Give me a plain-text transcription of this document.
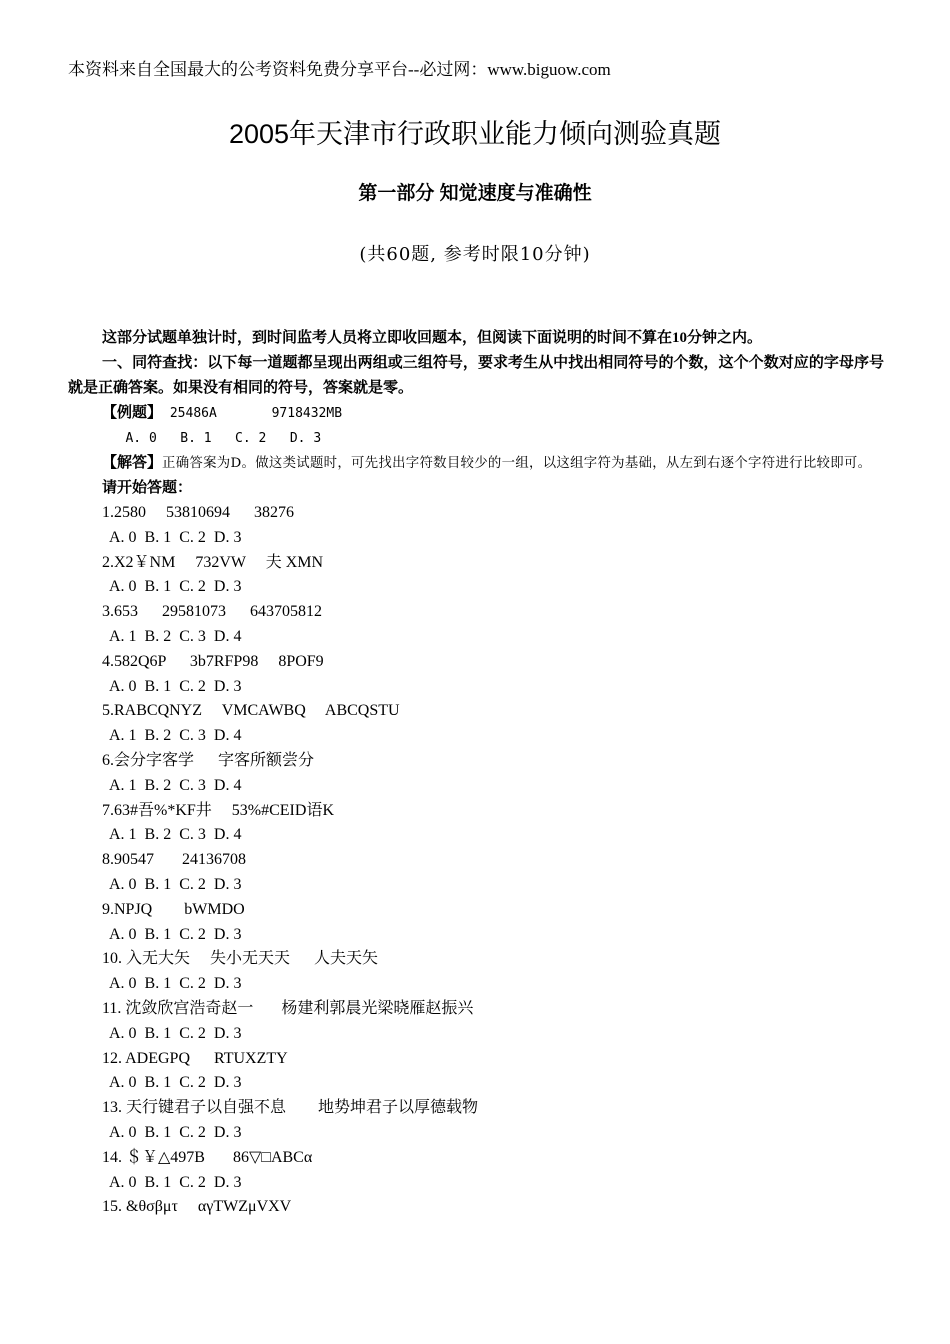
本资料来自全国最大的公考资料免费分享平台--必过网：www.biguow.com
2005年天津市行政职业能力倾向测验真题
第一部分 知觉速度与准确性
(共60题, 参考时限10分钟)

这部分试题单独计时，到时间监考人员将立即收回题本，但阅读下面说明的时间不算在10分钟之内。

一、同符查找：以下每一道题都呈现出两组或三组符号，要求考生从中找出相同符号的个数，这个个数对应的字母序号就是正确答案。如果没有相同的符号，答案就是零。

【例题】 25486A       9718432MB

A. 0   B. 1   C. 2   D. 3

【解答】正确答案为D。做这类试题时，可先找出字符数目较少的一组，以这组字符为基础，从左到右逐个字符进行比较即可。

请开始答题：

1.2580     53810694      38276

A. 0  B. 1  C. 2  D. 3

2.X2￥NM     732VW     夫 XMN

A. 0  B. 1  C. 2  D. 3

3.653      29581073      643705812

A. 1  B. 2  C. 3  D. 4

4.582Q6P      3b7RFP98     8POF9

A. 0  B. 1  C. 2  D. 3

5.RABCQNYZ     VMCAWBQ     ABCQSTU

A. 1  B. 2  C. 3  D. 4

6.会分字客学      字客所额尝分

A. 1  B. 2  C. 3  D. 4

7.63#吾%*KF井     53%#CEID语K

A. 1  B. 2  C. 3  D. 4

8.90547       24136708

A. 0  B. 1  C. 2  D. 3

9.NPJQ        bWMDO

A. 0  B. 1  C. 2  D. 3

10. 入无大矢     失小无天天      人夫天矢

A. 0  B. 1  C. 2  D. 3

11. 沈敛欣宫浩奇赵一       杨建利郭晨光梁晓雁赵振兴

A. 0  B. 1  C. 2  D. 3

12. ADEGPQ      RTUXZTY

A. 0  B. 1  C. 2  D. 3

13. 天行键君子以自强不息        地势坤君子以厚德载物

A. 0  B. 1  C. 2  D. 3

14. ＄￥△497B       86▽□ABCα

A. 0  B. 1  C. 2  D. 3

15. &θσβμτ     αγTWZμVXV
